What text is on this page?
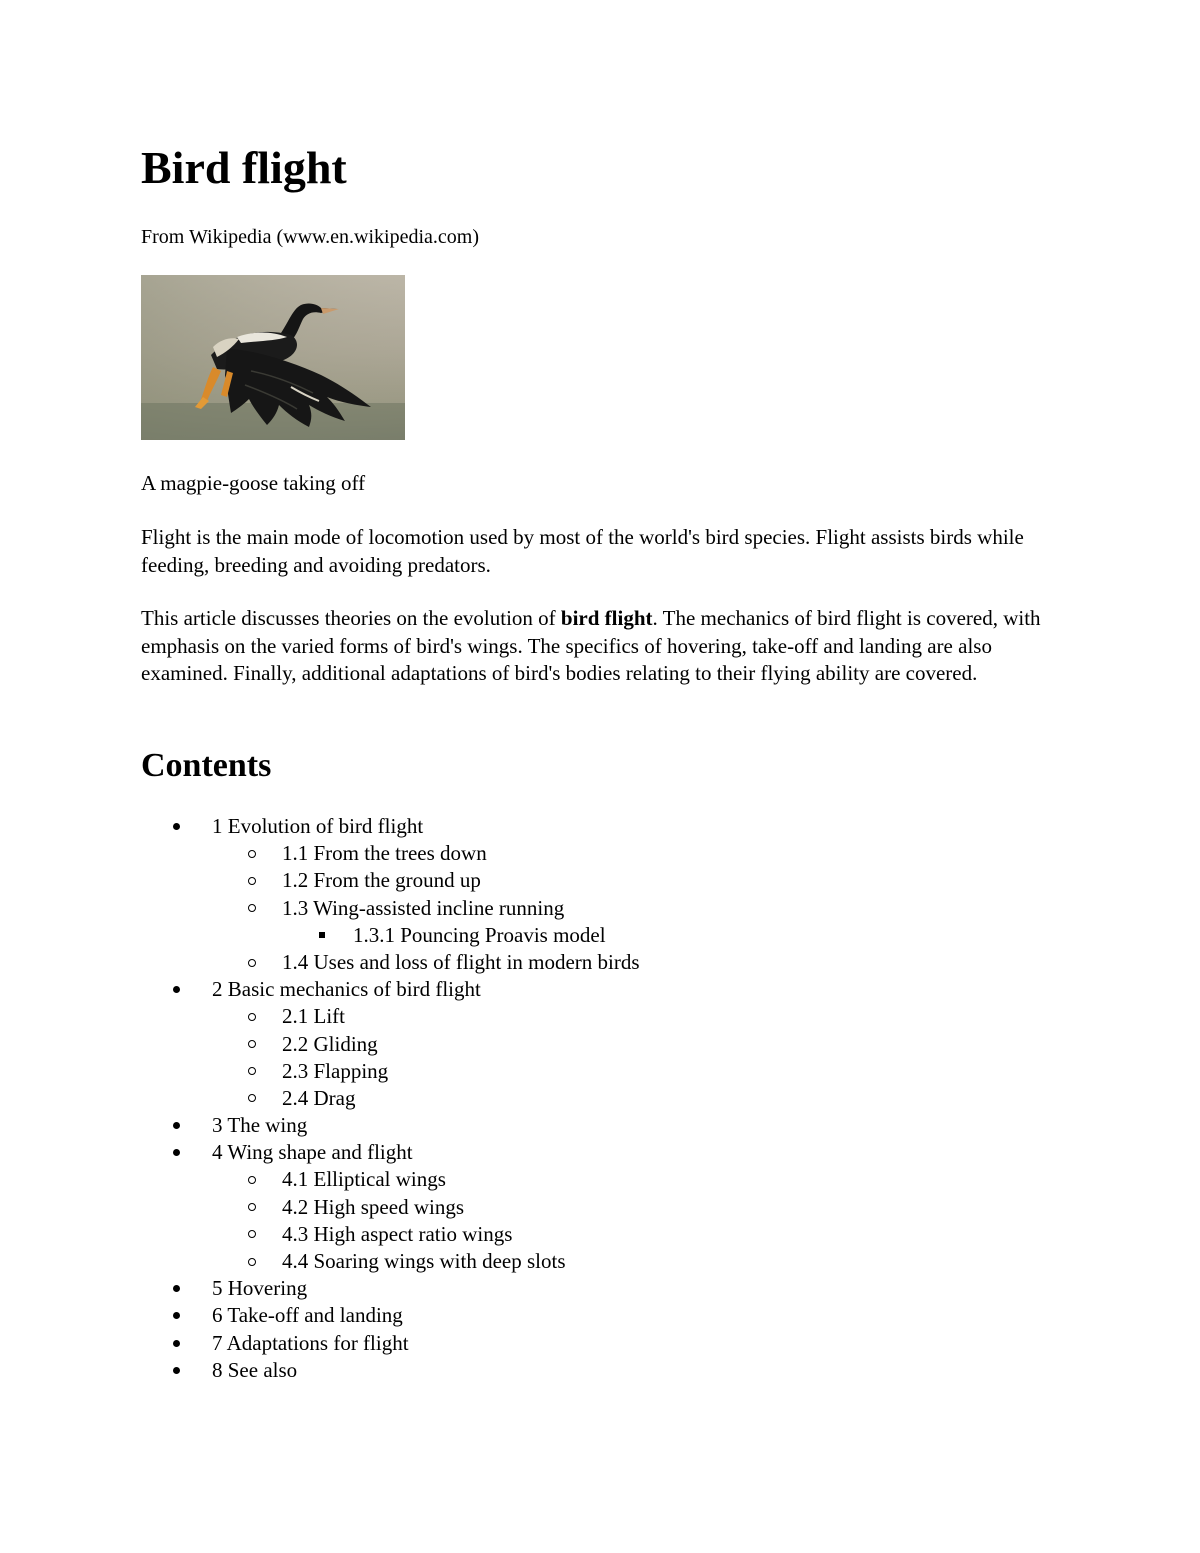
Bird flight
From Wikipedia (www.en.wikipedia.com)
A magpie-goose taking off

Flight is the main mode of locomotion used by most of the world's bird species. Flight assists birds while feeding, breeding and avoiding predators.

This article discusses theories on the evolution of bird flight. The mechanics of bird flight is covered, with emphasis on the varied forms of bird's wings. The specifics of hovering, take-off and landing are also examined. Finally, additional adaptations of bird's bodies relating to their flying ability are covered.

Contents
1 Evolution of bird flight
1.1 From the trees down
1.2 From the ground up
1.3 Wing-assisted incline running
1.3.1 Pouncing Proavis model
1.4 Uses and loss of flight in modern birds
2 Basic mechanics of bird flight
2.1 Lift
2.2 Gliding
2.3 Flapping
2.4 Drag
3 The wing
4 Wing shape and flight
4.1 Elliptical wings
4.2 High speed wings
4.3 High aspect ratio wings
4.4 Soaring wings with deep slots
5 Hovering
6 Take-off and landing
7 Adaptations for flight
8 See also
